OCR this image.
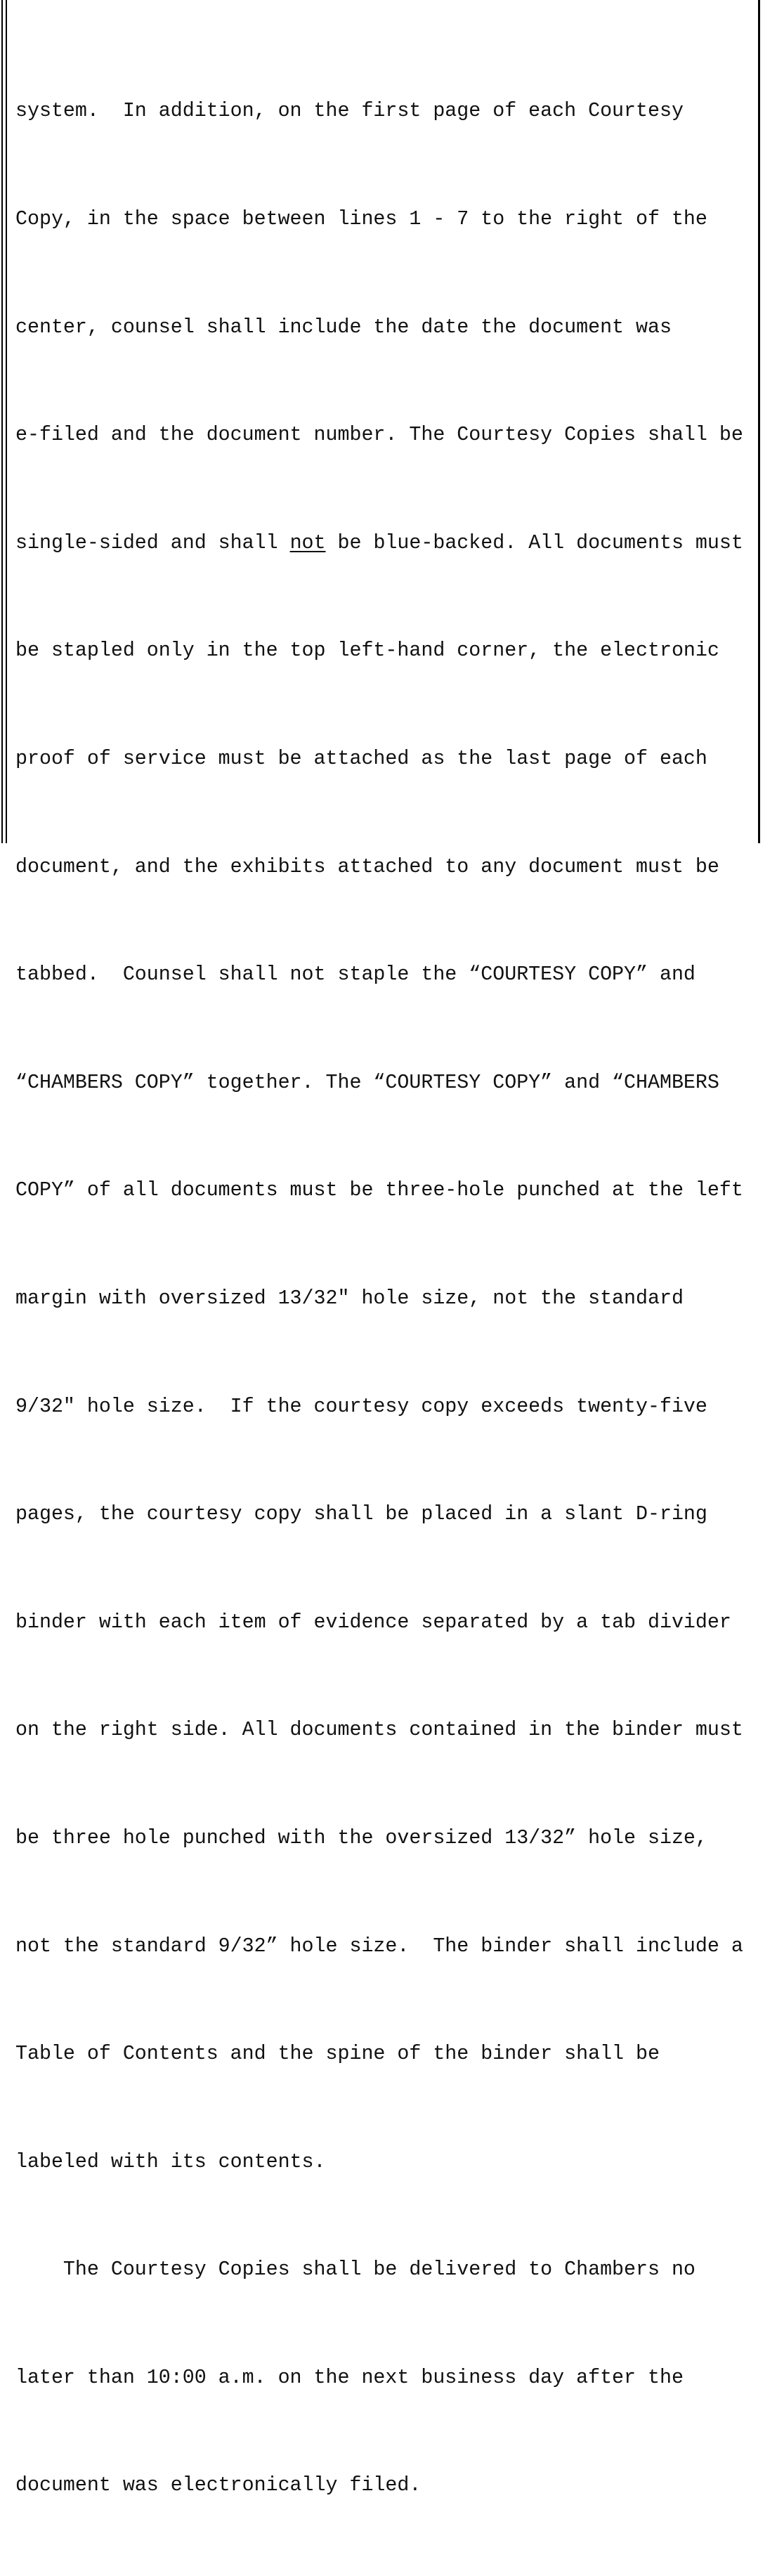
system.  In addition, on the first page of each Courtesy

Copy, in the space between lines 1 - 7 to the right of the

center, counsel shall include the date the document was

e-filed and the document number. The Courtesy Copies shall be

single-sided and shall not be blue-backed. All documents must

be stapled only in the top left-hand corner, the electronic

proof of service must be attached as the last page of each

document, and the exhibits attached to any document must be

tabbed.  Counsel shall not staple the “COURTESY COPY” and

“CHAMBERS COPY” together. The “COURTESY COPY” and “CHAMBERS

COPY” of all documents must be three-hole punched at the left

margin with oversized 13/32" hole size, not the standard

9/32" hole size.  If the courtesy copy exceeds twenty-five

pages, the courtesy copy shall be placed in a slant D-ring

binder with each item of evidence separated by a tab divider

on the right side. All documents contained in the binder must

be three hole punched with the oversized 13/32” hole size,

not the standard 9/32” hole size.  The binder shall include a

Table of Contents and the spine of the binder shall be

labeled with its contents.

The Courtesy Copies shall be delivered to Chambers no

later than 10:00 a.m. on the next business day after the

document was electronically filed.
